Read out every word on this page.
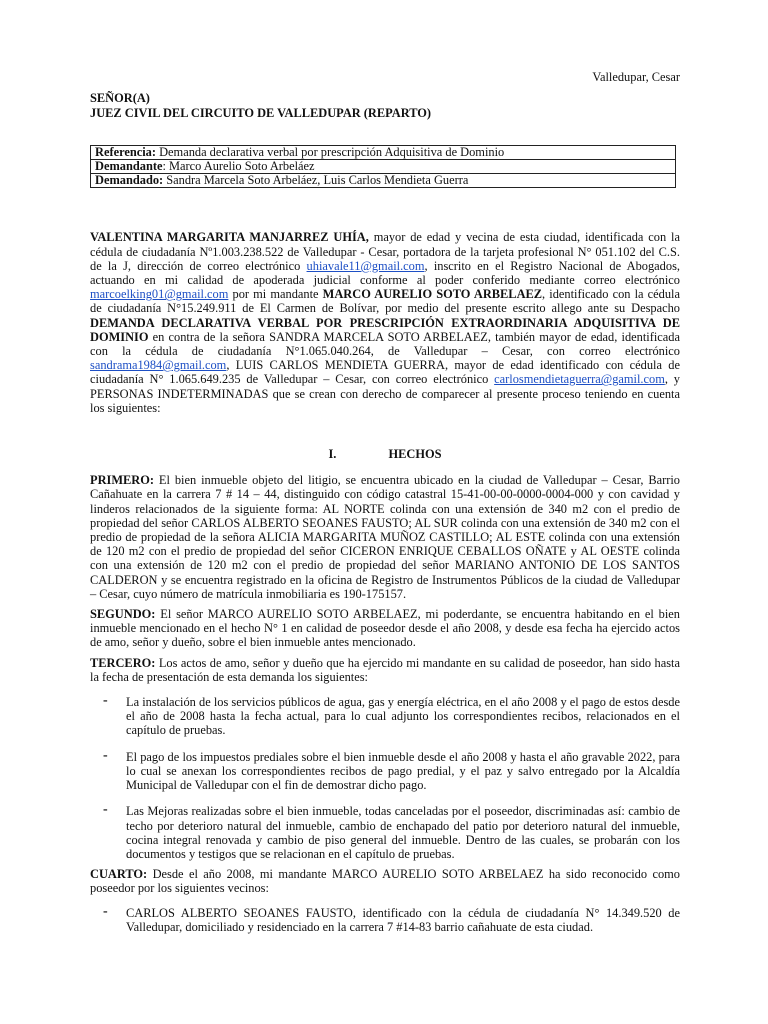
Valledupar, Cesar

SEÑOR(A)
JUEZ CIVIL DEL CIRCUITO DE VALLEDUPAR (REPARTO)
Referencia: Demanda declarativa verbal por prescripción Adquisitiva de Dominio
Demandante: Marco Aurelio Soto Arbeláez
Demandado: Sandra Marcela Soto Arbeláez, Luis Carlos Mendieta Guerra

VALENTINA MARGARITA MANJARREZ UHÍA, mayor de edad y vecina de esta ciudad, identificada con la cédula de ciudadanía Nº1.003.238.522 de Valledupar - Cesar, portadora de la tarjeta profesional N° 051.102 del C.S. de la J, dirección de correo electrónico uhiavale11@gmail.com, inscrito en el Registro Nacional de Abogados, actuando en mi calidad de apoderada judicial conforme al poder conferido mediante correo electrónico marcoelking01@gmail.com por mi mandante MARCO AURELIO SOTO ARBELAEZ, identificado con la cédula de ciudadanía N°15.249.911 de El Carmen de Bolívar, por medio del presente escrito allego ante su Despacho DEMANDA DECLARATIVA VERBAL POR PRESCRIPCIÓN EXTRAORDINARIA ADQUISITIVA DE DOMINIO en contra de la señora SANDRA MARCELA SOTO ARBELAEZ, también mayor de edad, identificada con la cédula de ciudadanía N°1.065.040.264, de Valledupar – Cesar, con correo electrónico sandrama1984@gmail.com, LUIS CARLOS MENDIETA GUERRA, mayor de edad identificado con cédula de ciudadanía N° 1.065.649.235 de Valledupar – Cesar, con correo electrónico carlosmendietaguerra@gamil.com, y PERSONAS INDETERMINADAS que se crean con derecho de comparecer al presente proceso teniendo en cuenta los siguientes:

I.	HECHOS

PRIMERO: El bien inmueble objeto del litigio, se encuentra ubicado en la ciudad de Valledupar – Cesar, Barrio Cañahuate en la carrera 7 # 14 – 44, distinguido con código catastral 15-41-00-00-0000-0004-000 y con cavidad y linderos relacionados de la siguiente forma: AL NORTE colinda con una extensión de 340 m2 con el predio de propiedad del señor CARLOS ALBERTO SEOANES FAUSTO; AL SUR colinda con una extensión de 340 m2 con el predio de propiedad de la señora ALICIA MARGARITA MUÑOZ CASTILLO; AL ESTE colinda con una extensión de 120 m2 con el predio de propiedad del señor CICERON ENRIQUE CEBALLOS OÑATE y AL OESTE colinda con una extensión de 120 m2 con el predio de propiedad del señor MARIANO ANTONIO DE LOS SANTOS CALDERON y se encuentra registrado en la oficina de Registro de Instrumentos Públicos de la ciudad de Valledupar – Cesar, cuyo número de matrícula inmobiliaria es 190-175157.

SEGUNDO: El señor MARCO AURELIO SOTO ARBELAEZ, mi poderdante, se encuentra habitando en el bien inmueble mencionado en el hecho N° 1 en calidad de poseedor desde el año 2008, y desde esa fecha ha ejercido actos de amo, señor y dueño, sobre el bien inmueble antes mencionado.

TERCERO: Los actos de amo, señor y dueño que ha ejercido mi mandante en su calidad de poseedor, han sido hasta la fecha de presentación de esta demanda los siguientes:

- La instalación de los servicios públicos de agua, gas y energía eléctrica, en el año 2008 y el pago de estos desde el año de 2008 hasta la fecha actual, para lo cual adjunto los correspondientes recibos, relacionados en el capítulo de pruebas.
- El pago de los impuestos prediales sobre el bien inmueble desde el año 2008 y hasta el año gravable 2022, para lo cual se anexan los correspondientes recibos de pago predial, y el paz y salvo entregado por la Alcaldía Municipal de Valledupar con el fin de demostrar dicho pago.
- Las Mejoras realizadas sobre el bien inmueble, todas canceladas por el poseedor, discriminadas así: cambio de techo por deterioro natural del inmueble, cambio de enchapado del patio por deterioro natural del inmueble, cocina integral renovada y cambio de piso general del inmueble. Dentro de las cuales, se probarán con los documentos y testigos que se relacionan en el capítulo de pruebas.

CUARTO: Desde el año 2008, mi mandante MARCO AURELIO SOTO ARBELAEZ ha sido reconocido como poseedor por los siguientes vecinos:

- CARLOS ALBERTO SEOANES FAUSTO, identificado con la cédula de ciudadanía N° 14.349.520 de Valledupar, domiciliado y residenciado en la carrera 7 #14-83 barrio cañahuate de esta ciudad.
